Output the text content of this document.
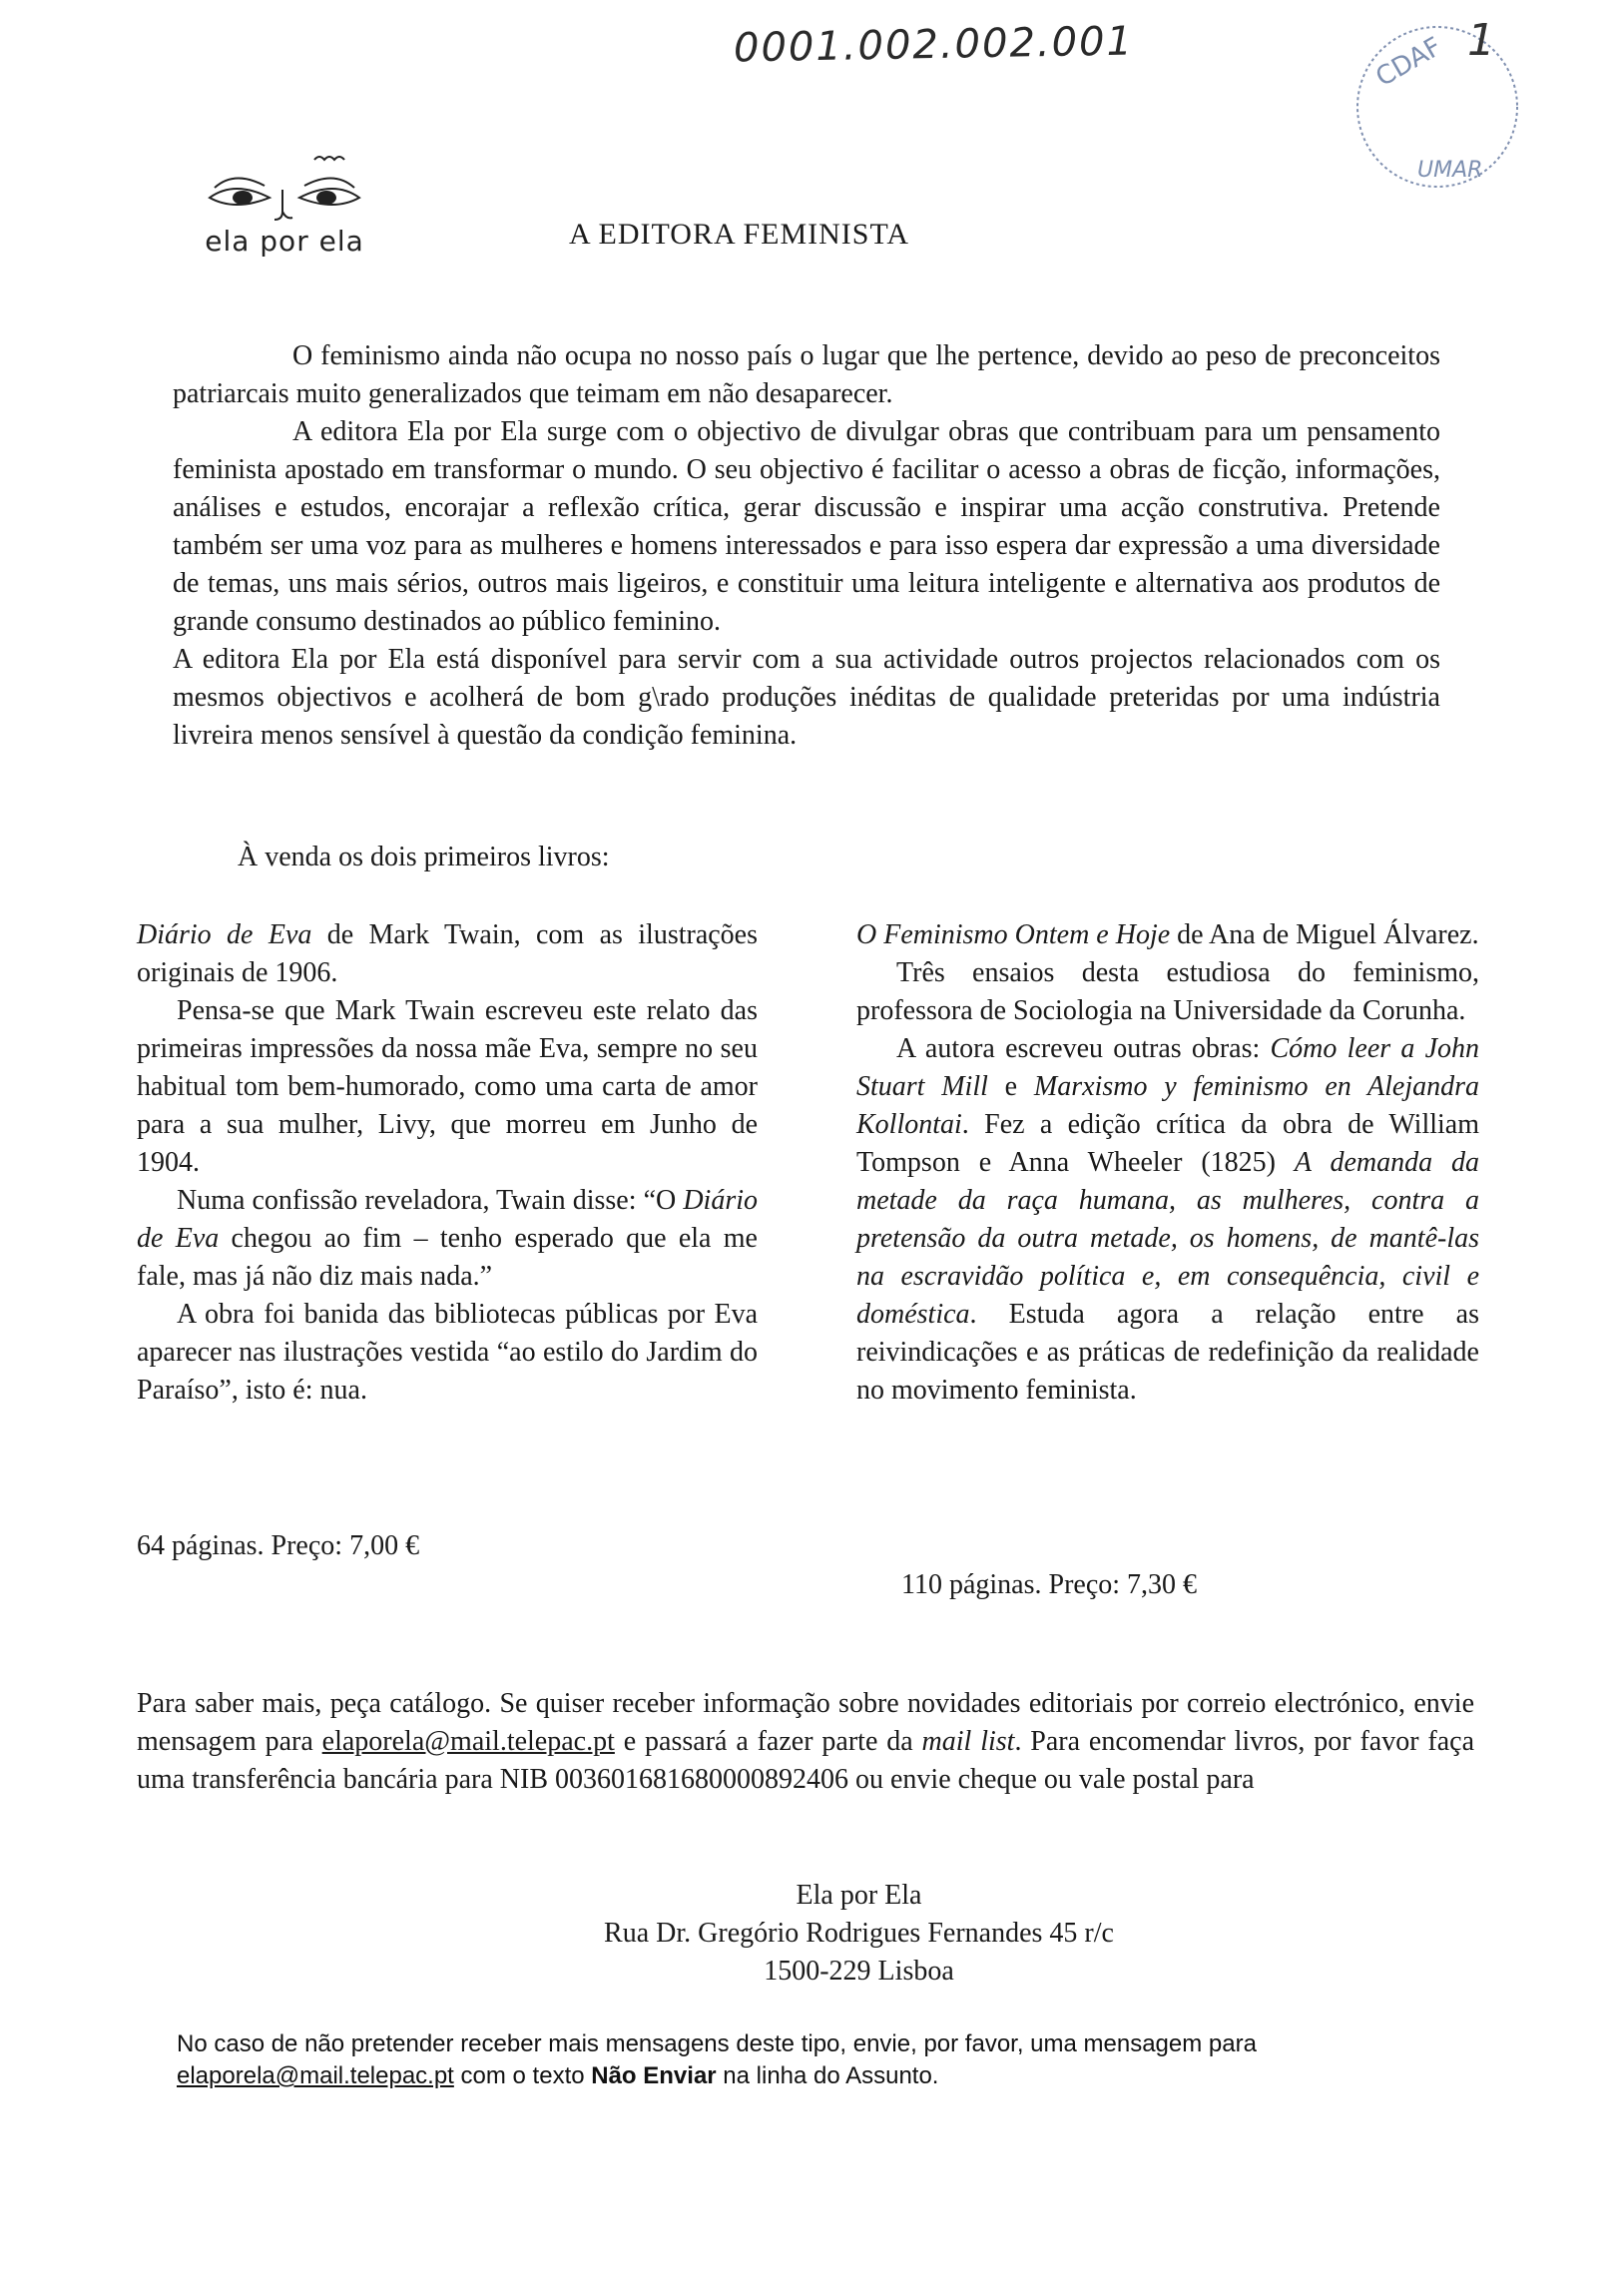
0001.002.002.001	CDAF
UMAR
1
ela por ela	A EDITORA FEMINISTA

O feminismo ainda não ocupa no nosso país o lugar que lhe pertence, devido ao peso de preconceitos patriarcais muito generalizados que teimam em não desaparecer.

A editora Ela por Ela surge com o objectivo de divulgar obras que contribuam para um pensamento feminista apostado em transformar o mundo. O seu objectivo é facilitar o acesso a obras de ficção, informações, análises e estudos, encorajar a reflexão crítica, gerar discussão e inspirar uma acção construtiva. Pretende também ser uma voz para as mulheres e homens interessados e para isso espera dar expressão a uma diversidade de temas, uns mais sérios, outros mais ligeiros, e constituir uma leitura inteligente e alternativa aos produtos de grande consumo destinados ao público feminino.

A editora Ela por Ela está disponível para servir com a sua actividade outros projectos relacionados com os mesmos objectivos e acolherá de bom g\rado produções inéditas de qualidade preteridas por uma indústria livreira menos sensível à questão da condição feminina.

À venda os dois primeiros livros:

Diário de Eva de Mark Twain, com as ilustrações originais de 1906.

Pensa-se que Mark Twain escreveu este relato das primeiras impressões da nossa mãe Eva, sempre no seu habitual tom bem-humorado, como uma carta de amor para a sua mulher, Livy, que morreu em Junho de 1904.

Numa confissão reveladora, Twain disse: “O Diário de Eva chegou ao fim – tenho esperado que ela me fale, mas já não diz mais nada.”

A obra foi banida das bibliotecas públicas por Eva aparecer nas ilustrações vestida “ao estilo do Jardim do Paraíso”, isto é: nua.

64 páginas. Preço: 7,00 €

O Feminismo Ontem e Hoje de Ana de Miguel Álvarez.

Três ensaios desta estudiosa do feminismo, professora de Sociologia na Universidade da Corunha.

A autora escreveu outras obras: Cómo leer a John Stuart Mill e Marxismo y feminismo en Alejandra Kollontai. Fez a edição crítica da obra de William Tompson e Anna Wheeler (1825) A demanda da metade da raça humana, as mulheres, contra a pretensão da outra metade, os homens, de mantê-las na escravidão política e, em consequência, civil e doméstica. Estuda agora a relação entre as reivindicações e as práticas de redefinição da realidade no movimento feminista.

110 páginas. Preço: 7,30 €

Para saber mais, peça catálogo. Se quiser receber informação sobre novidades editoriais por correio electrónico, envie mensagem para elaporela@mail.telepac.pt e passará a fazer parte da mail list. Para encomendar livros, por favor faça uma transferência bancária para NIB 003601681680000892406 ou envie cheque ou vale postal para

Ela por Ela
Rua Dr. Gregório Rodrigues Fernandes 45 r/c
1500-229 Lisboa
No caso de não pretender receber mais mensagens deste tipo, envie, por favor, uma mensagem para elaporela@mail.telepac.pt com o texto Não Enviar na linha do Assunto.
